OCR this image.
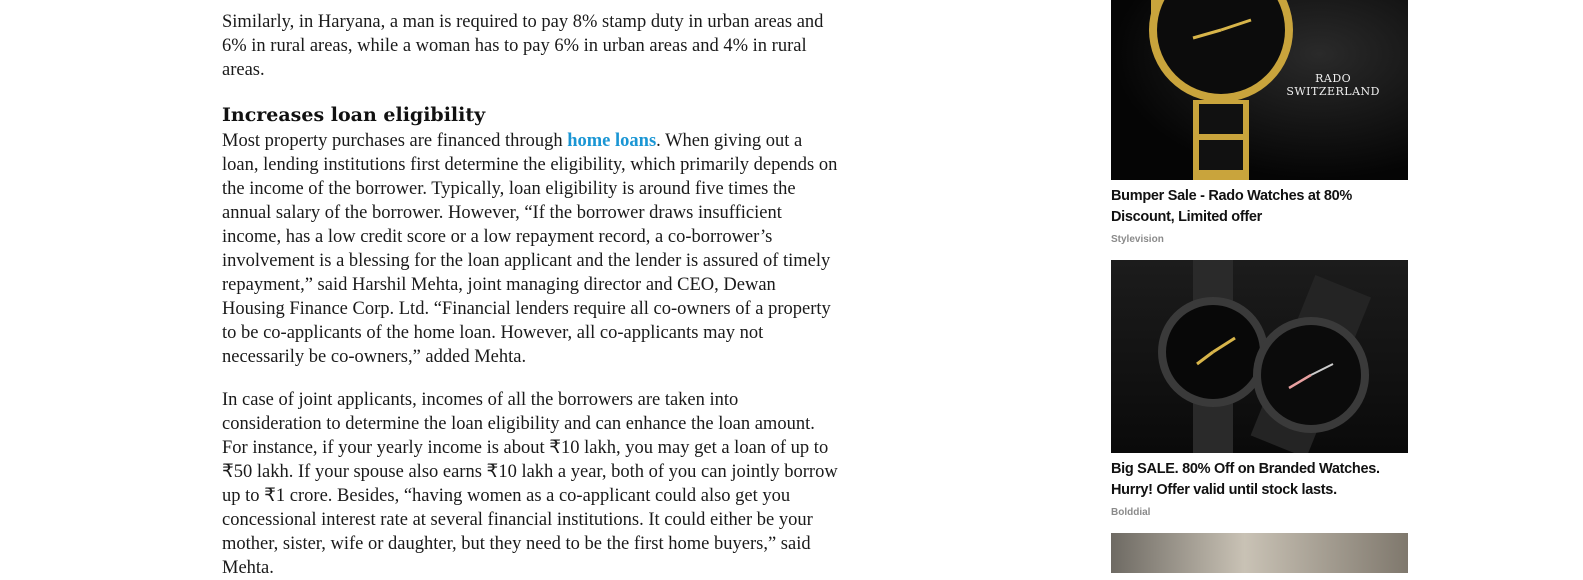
Similarly, in Haryana, a man is required to pay 8% stamp duty in urban areas and 6% in rural areas, while a woman has to pay 6% in urban areas and 4% in rural areas.

Increases loan eligibility

Most property purchases are financed through home loans. When giving out a loan, lending institutions first determine the eligibility, which primarily depends on the income of the borrower. Typically, loan eligibility is around five times the annual salary of the borrower. However, “If the borrower draws insufficient income, has a low credit score or a low repayment record, a co-borrower’s involvement is a blessing for the loan applicant and the lender is assured of timely repayment,” said Harshil Mehta, joint managing director and CEO, Dewan Housing Finance Corp. Ltd. “Financial lenders require all co-owners of a property to be co-applicants of the home loan. However, all co-applicants may not necessarily be co-owners,” added Mehta.

In case of joint applicants, incomes of all the borrowers are taken into consideration to determine the loan eligibility and can enhance the loan amount. For instance, if your yearly income is about ₹10 lakh, you may get a loan of up to ₹50 lakh. If your spouse also earns ₹10 lakh a year, both of you can jointly borrow up to ₹1 crore. Besides, “having women as a co-applicant could also get you concessional interest rate at several financial institutions. It could either be your mother, sister, wife or daughter, but they need to be the first home buyers,” said Mehta.

RADO
SWITZERLAND
Bumper Sale - Rado Watches at 80% Discount, Limited offer
Stylevision
Big SALE. 80% Off on Branded Watches. Hurry! Offer valid until stock lasts.
Bolddial
